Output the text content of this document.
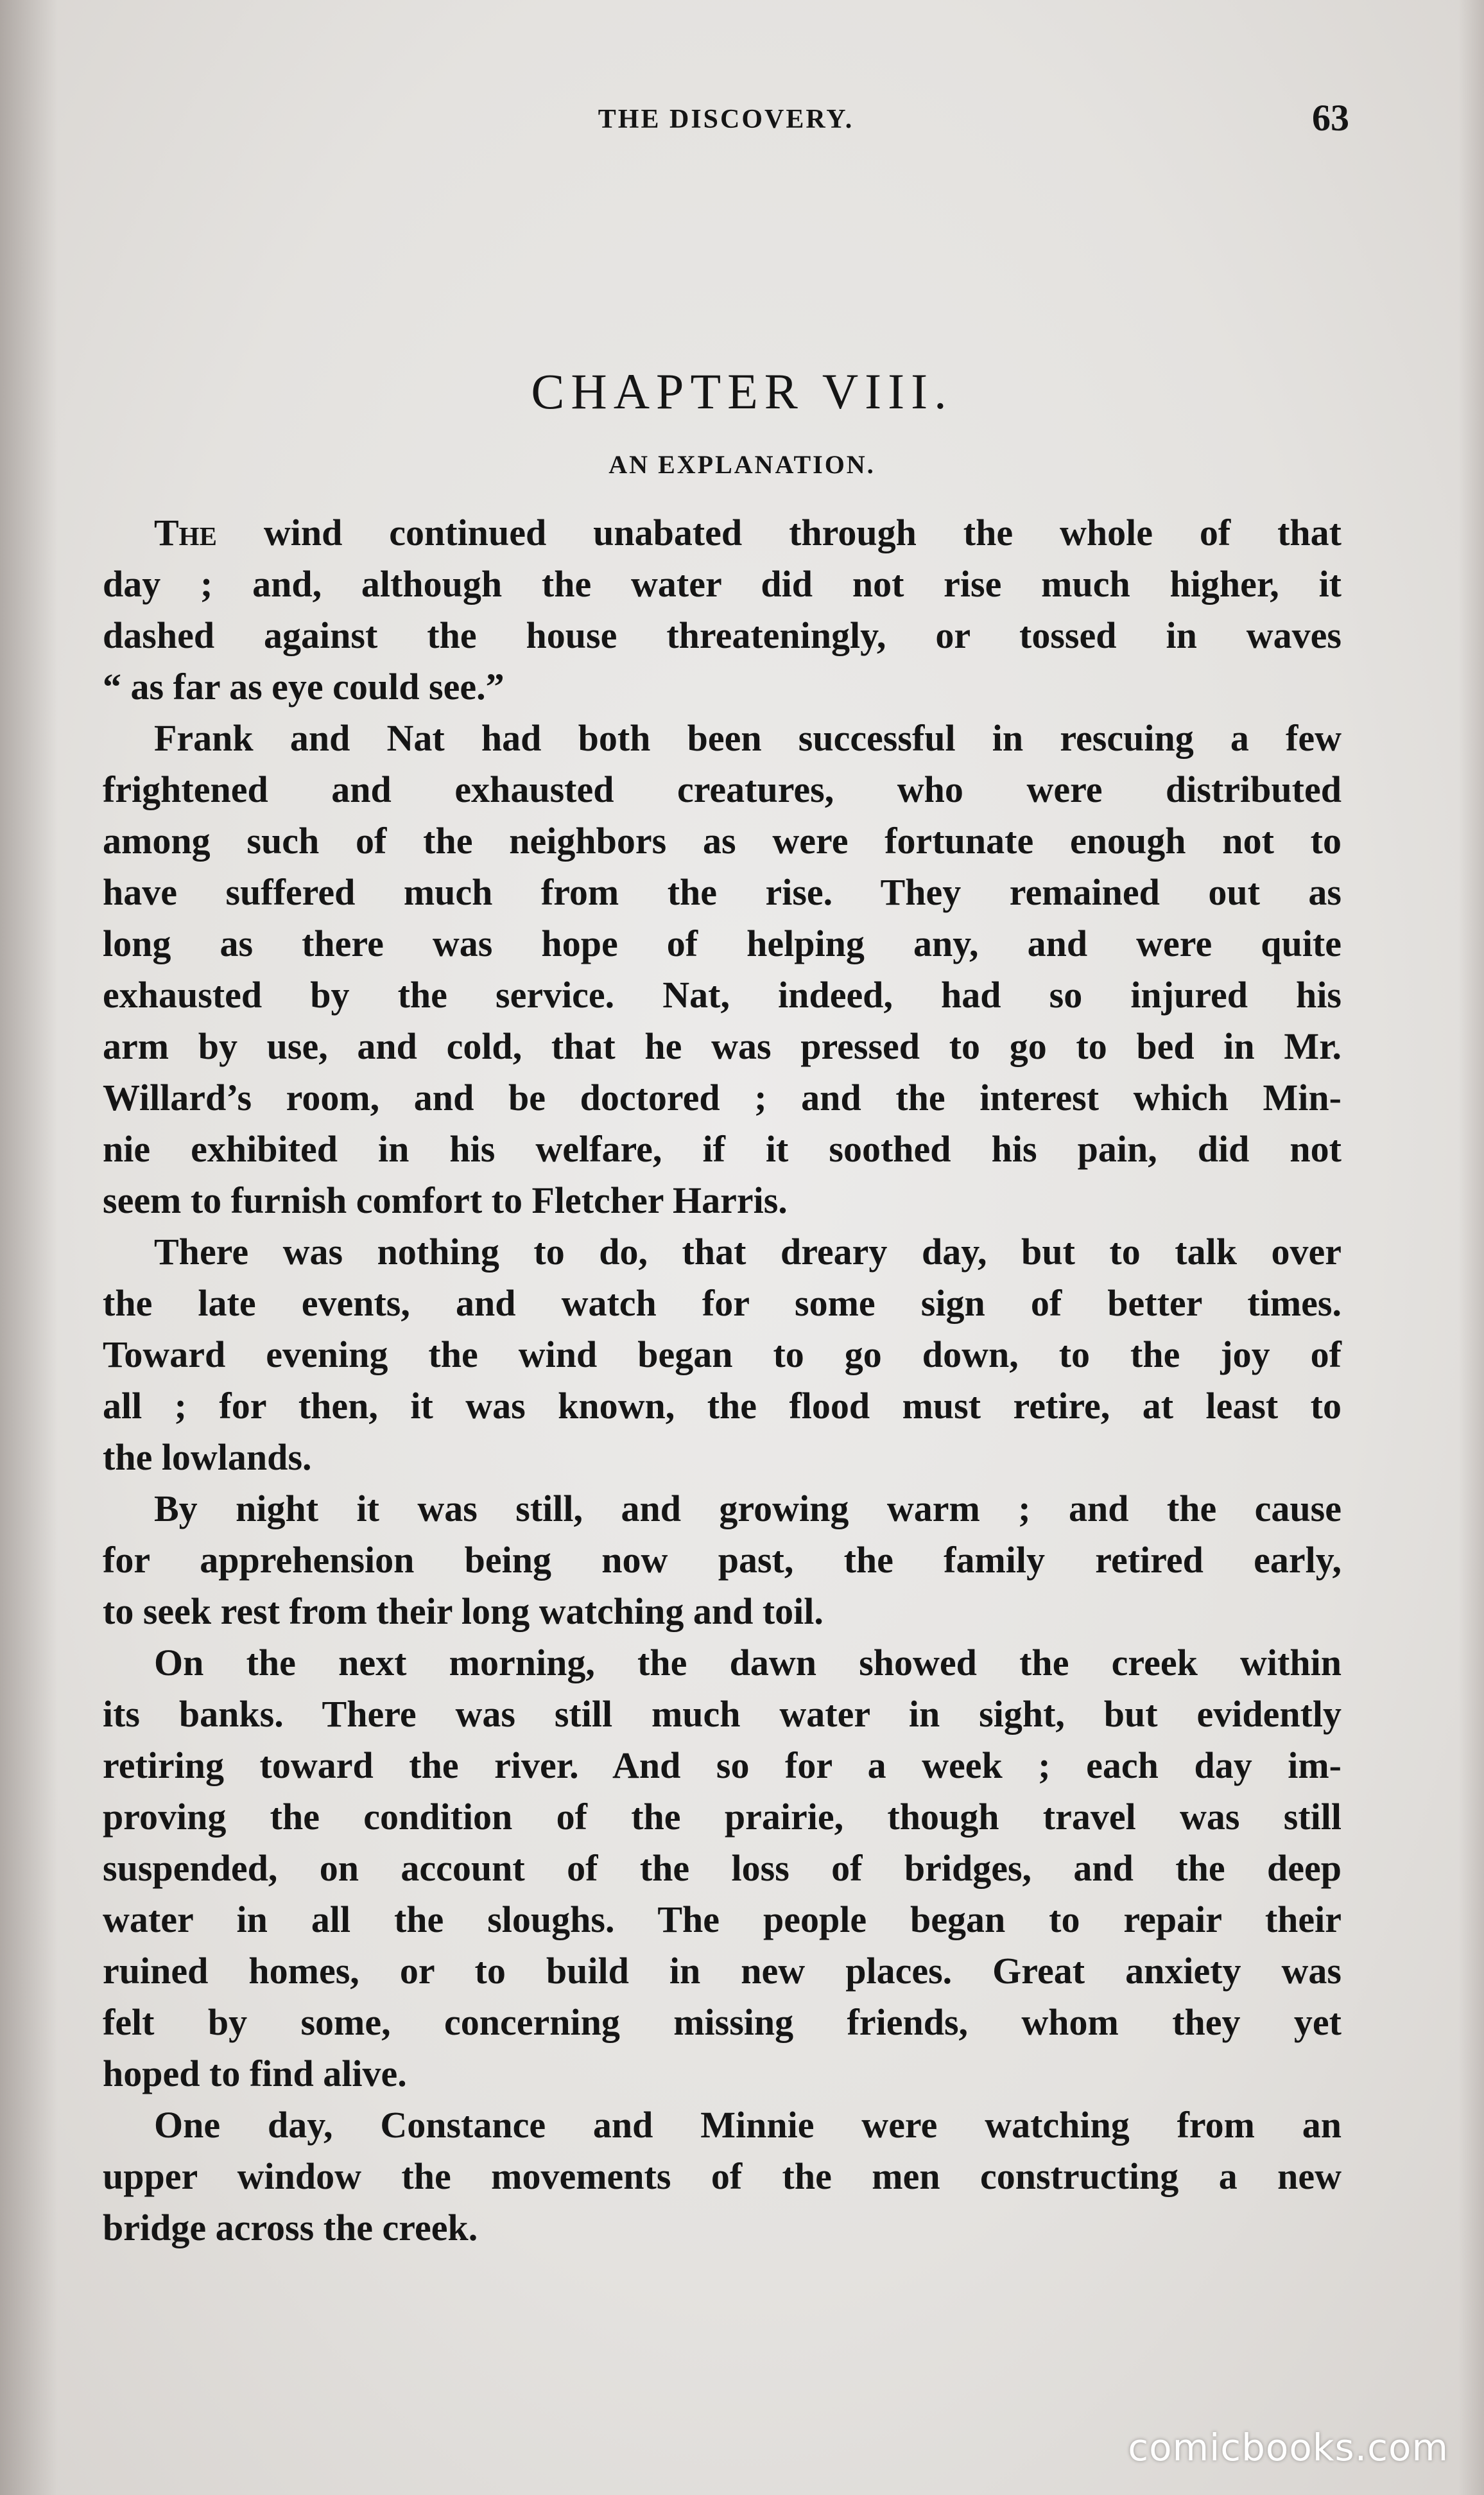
THE DISCOVERY.	63
CHAPTER VIII.
AN EXPLANATION.
The wind continued unabated through the whole of that
day ; and, although the water did not rise much higher, it
dashed against the house threateningly, or tossed in waves
“ as far as eye could see.”
Frank and Nat had both been successful in rescuing a few
frightened and exhausted creatures, who were distributed
among such of the neighbors as were fortunate enough not to
have suffered much from the rise. They remained out as
long as there was hope of helping any, and were quite
exhausted by the service. Nat, indeed, had so injured his
arm by use, and cold, that he was pressed to go to bed in Mr.
Willard’s room, and be doctored ; and the interest which Min-
nie exhibited in his welfare, if it soothed his pain, did not
seem to furnish comfort to Fletcher Harris.
There was nothing to do, that dreary day, but to talk over
the late events, and watch for some sign of better times.
Toward evening the wind began to go down, to the joy of
all ; for then, it was known, the flood must retire, at least to
the lowlands.
By night it was still, and growing warm ; and the cause
for apprehension being now past, the family retired early,
to seek rest from their long watching and toil.
On the next morning, the dawn showed the creek within
its banks. There was still much water in sight, but evidently
retiring toward the river. And so for a week ; each day im-
proving the condition of the prairie, though travel was still
suspended, on account of the loss of bridges, and the deep
water in all the sloughs. The people began to repair their
ruined homes, or to build in new places. Great anxiety was
felt by some, concerning missing friends, whom they yet
hoped to find alive.
One day, Constance and Minnie were watching from an
upper window the movements of the men constructing a new
bridge across the creek.
comicbooks.com
